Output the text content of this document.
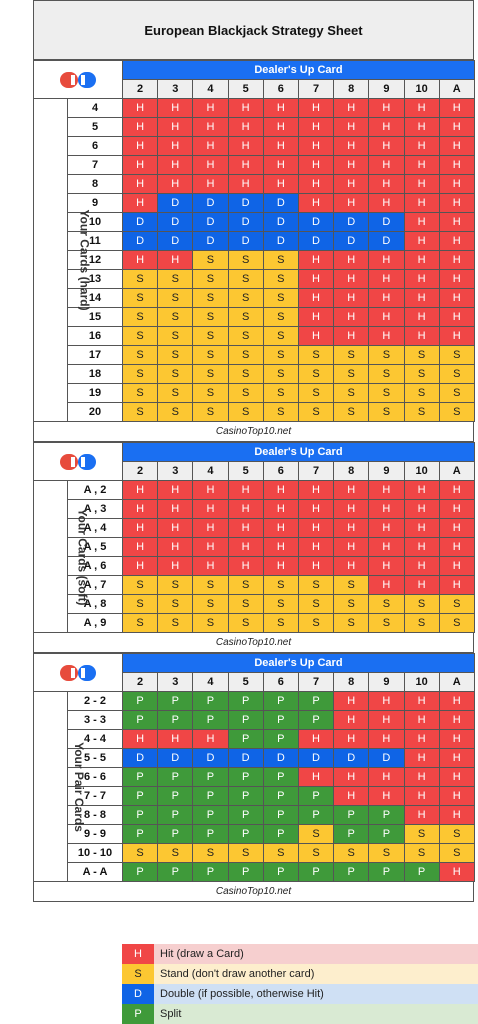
European Blackjack Strategy Sheet
	Dealer's Up Card									
		2	3	4	5	6	7	8	9	10	A
Your Cards (hard)	4	H	H	H	H	H	H	H	H	H	H
	5	H	H	H	H	H	H	H	H	H	H
	6	H	H	H	H	H	H	H	H	H	H
	7	H	H	H	H	H	H	H	H	H	H
	8	H	H	H	H	H	H	H	H	H	H
	9	H	D	D	D	D	H	H	H	H	H
	10	D	D	D	D	D	D	D	D	H	H
	11	D	D	D	D	D	D	D	D	H	H
	12	H	H	S	S	S	H	H	H	H	H
	13	S	S	S	S	S	H	H	H	H	H
	14	S	S	S	S	S	H	H	H	H	H
	15	S	S	S	S	S	H	H	H	H	H
	16	S	S	S	S	S	H	H	H	H	H
	17	S	S	S	S	S	S	S	S	S	S
	18	S	S	S	S	S	S	S	S	S	S
	19	S	S	S	S	S	S	S	S	S	S
	20	S	S	S	S	S	S	S	S	S	S
CasinoTop10.net
	Dealer's Up Card									
		2	3	4	5	6	7	8	9	10	A
Your Cards (soft)	A , 2	H	H	H	H	H	H	H	H	H	H
	A , 3	H	H	H	H	H	H	H	H	H	H
	A , 4	H	H	H	H	H	H	H	H	H	H
	A , 5	H	H	H	H	H	H	H	H	H	H
	A , 6	H	H	H	H	H	H	H	H	H	H
	A , 7	S	S	S	S	S	S	S	H	H	H
	A , 8	S	S	S	S	S	S	S	S	S	S
	A , 9	S	S	S	S	S	S	S	S	S	S
CasinoTop10.net
	Dealer's Up Card									
		2	3	4	5	6	7	8	9	10	A
Your Pair Cards	2 - 2	P	P	P	P	P	P	H	H	H	H
	3 - 3	P	P	P	P	P	P	H	H	H	H
	4 - 4	H	H	H	P	P	H	H	H	H	H
	5 - 5	D	D	D	D	D	D	D	D	H	H
	6 - 6	P	P	P	P	P	H	H	H	H	H
	7 - 7	P	P	P	P	P	P	H	H	H	H
	8 - 8	P	P	P	P	P	P	P	P	H	H
	9 - 9	P	P	P	P	P	S	P	P	S	S
	10 - 10	S	S	S	S	S	S	S	S	S	S
	A - A	P	P	P	P	P	P	P	P	P	H
CasinoTop10.net
H	Hit (draw a Card)
S	Stand (don't draw another card)
D	Double (if possible, otherwise Hit)
P	Split
